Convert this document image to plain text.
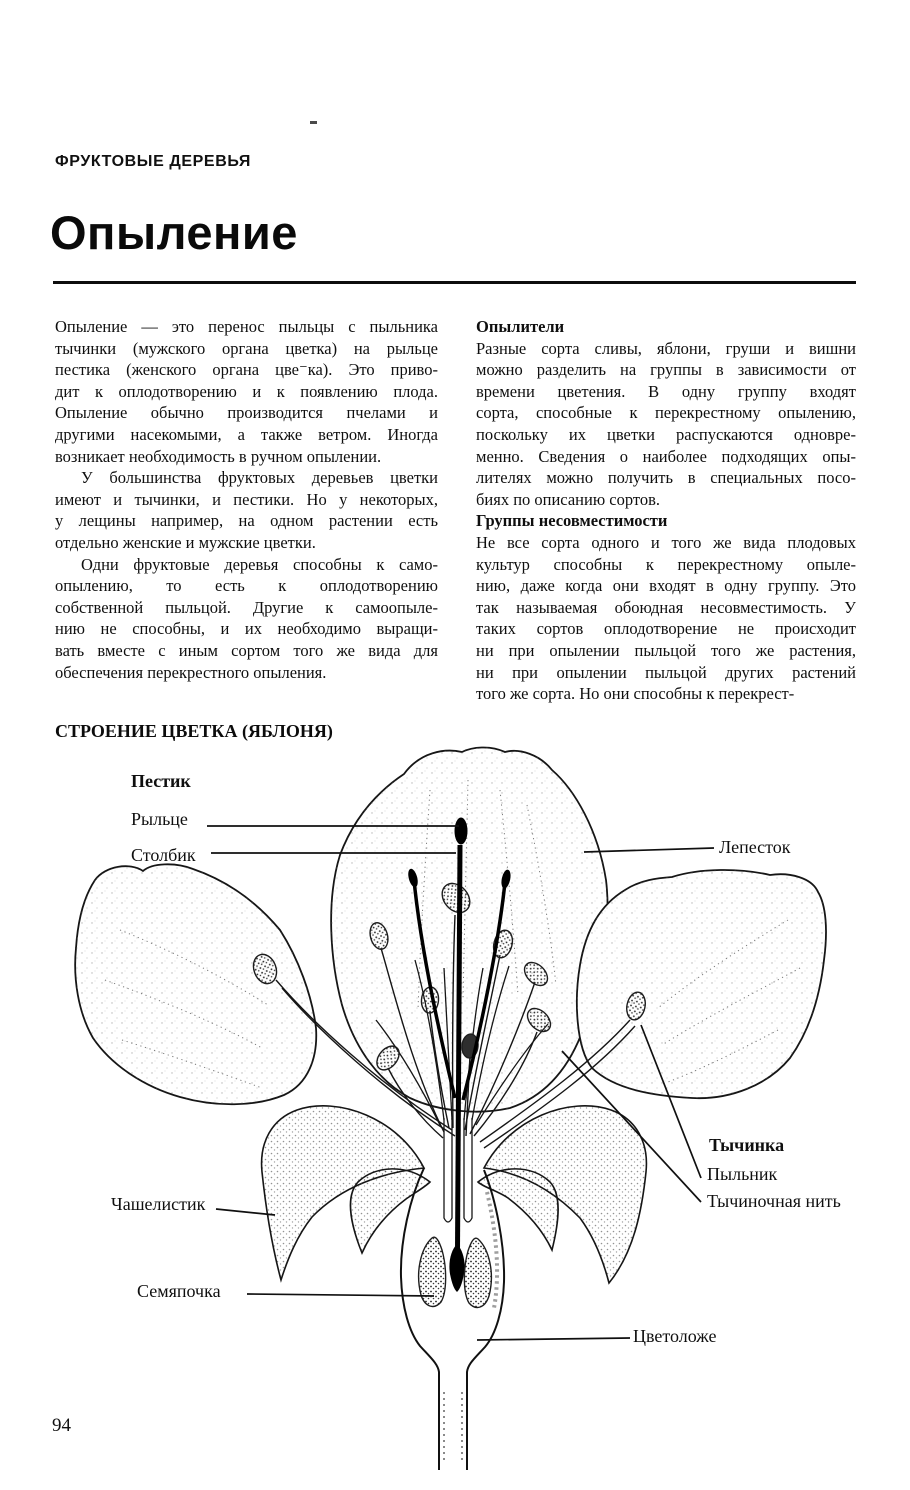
ФРУКТОВЫЕ ДЕРЕВЬЯ
Опыление

Опыление — это перенос пыльцы с пыльника
тычинки (мужского органа цветка) на рыльце
пестика (женского органа цве⁻ка). Это приво-
дит к оплодотворению и к появлению плода.
Опыление обычно производится пчелами и
другими насекомыми, а также ветром. Иногда
возникает необходимость в ручном опылении.

У большинства фруктовых деревьев цветки
имеют и тычинки, и пестики. Но у некоторых,
у лещины например, на одном растении есть
отдельно женские и мужские цветки.

Одни фруктовые деревья способны к само-
опылению, то есть к оплодотворению
собственной пыльцой. Другие к самоопыле-
нию не способны, и их необходимо выращи-
вать вместе с иным сортом того же вида для
обеспечения перекрестного опыления.

Опылители

Разные сорта сливы, яблони, груши и вишни
можно разделить на группы в зависимости от
времени цветения. В одну группу входят
сорта, способные к перекрестному опылению,
поскольку их цветки распускаются одновре-
менно. Сведения о наиболее подходящих опы-
лителях можно получить в специальных посо-
биях по описанию сортов.

Группы несовместимости

Не все сорта одного и того же вида плодовых
культур способны к перекрестному опыле-
нию, даже когда они входят в одну группу. Это
так называемая обоюдная несовместимость. У
таких сортов оплодотворение не происходит
ни при опылении пыльцой того же растения,
ни при опылении пыльцой других растений
того же сорта. Но они способны к перекрест-

СТРОЕНИЕ ЦВЕТКА (ЯБЛОНЯ)
Пестик
Рыльце
Столбик	Лепесток
Тычинка
Пыльник
Тычиночная нить
Чашелистик
Семяпочка
Цветоложе
94
